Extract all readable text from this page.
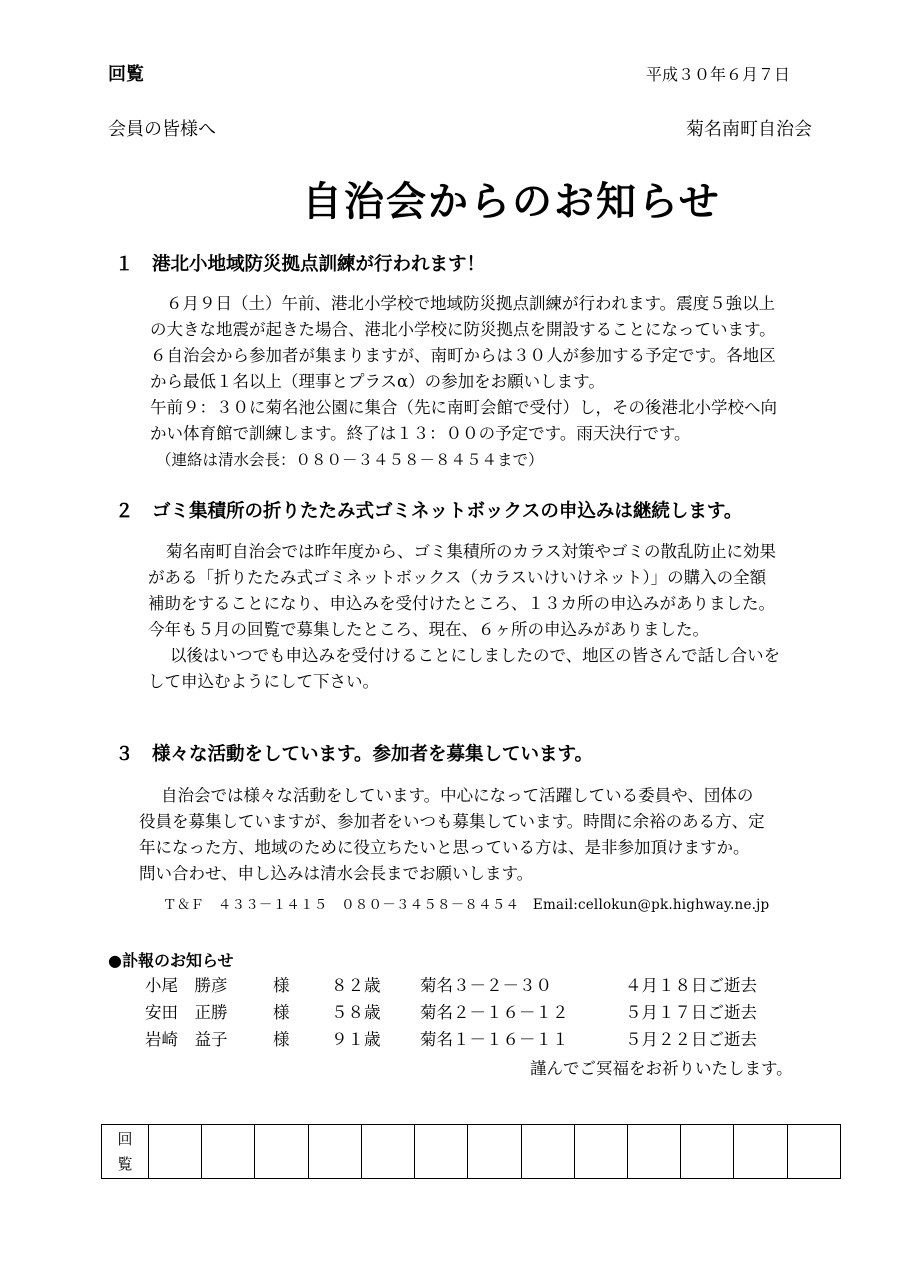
回覧	平成３０年６月７日
会員の皆様へ	菊名南町自治会
自治会からのお知らせ
１　港北小地域防災拠点訓練が行われます！
６月９日（土）午前、港北小学校で地域防災拠点訓練が行われます。震度５強以上
の大きな地震が起きた場合、港北小学校に防災拠点を開設することになっています。
６自治会から参加者が集まりますが、南町からは３０人が参加する予定です。各地区
から最低１名以上（理事とプラスα）の参加をお願いします。
午前９：３０に菊名池公園に集合（先に南町会館で受付）し，その後港北小学校へ向
かい体育館で訓練します。終了は１３：００の予定です。雨天決行です。
（連絡は清水会長：０８０－３４５８－８４５４まで）
２　ゴミ集積所の折りたたみ式ゴミネットボックスの申込みは継続します。
菊名南町自治会では昨年度から、ゴミ集積所のカラス対策やゴミの散乱防止に効果
がある「折りたたみ式ゴミネットボックス（カラスいけいけネット）」の購入の全額
補助をすることになり、申込みを受付けたところ、１３カ所の申込みがありました。
今年も５月の回覧で募集したところ、現在、６ヶ所の申込みがありました。
以後はいつでも申込みを受付けることにしましたので、地区の皆さんで話し合いを
して申込むようにして下さい。
３　様々な活動をしています。参加者を募集しています。
自治会では様々な活動をしています。中心になって活躍している委員や、団体の
役員を募集していますが、参加者をいつも募集しています。時間に余裕のある方、定
年になった方、地域のために役立ちたいと思っている方は、是非参加頂けますか。
問い合わせ、申し込みは清水会長までお願いします。
Ｔ＆Ｆ　４３３－１４１５　０８０－３４５８－８４５４　Email:cellokun@pk.highway.ne.jp
●訃報のお知らせ
小尾　勝彦	様	８２歳 菊名３－２－３０	４月１８日ご逝去
安田　正勝	様	５８歳 菊名２－１６－１２	５月１７日ご逝去
岩崎　益子	様	９１歳 菊名１－１６－１１	５月２２日ご逝去
謹んでご冥福をお祈りいたします。
回
覧
